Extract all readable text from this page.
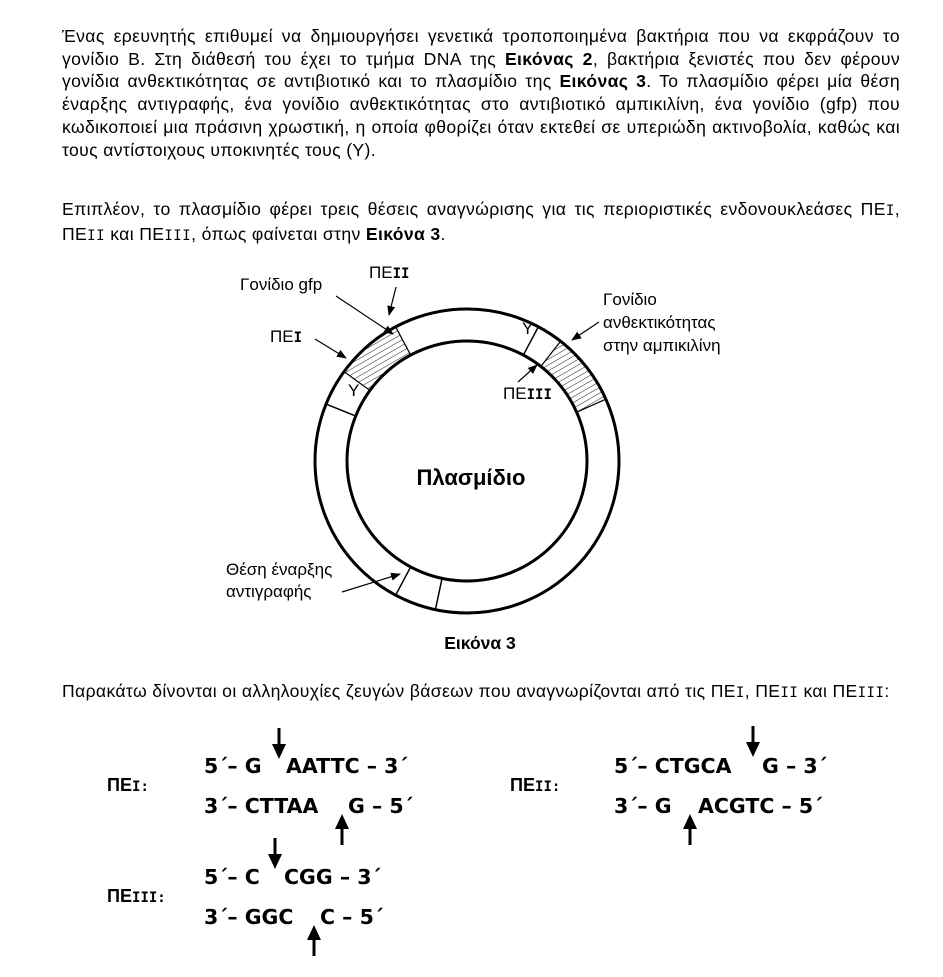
Ένας ερευνητής επιθυμεί να δημιουργήσει γενετικά τροποποιημένα βακτήρια που να εκφράζουν το γονίδιο Β. Στη διάθεσή του έχει το τμήμα DNA της Εικόνας 2, βακτήρια ξενιστές που δεν φέρουν γονίδια ανθεκτικότητας σε αντιβιοτικό και το πλασμίδιο της Εικόνας 3. Το πλασμίδιο φέρει μία θέση έναρξης αντιγραφής, ένα γονίδιο ανθεκτικότητας στο αντιβιοτικό αμπικιλίνη, ένα γονίδιο (gfp) που κωδικοποιεί μια πράσινη χρωστική, η οποία φθορίζει όταν εκτεθεί σε υπεριώδη ακτινοβολία, καθώς και τους αντίστοιχους υποκινητές τους (Y).
Επιπλέον, το πλασμίδιο φέρει τρεις θέσεις αναγνώρισης για τις περιοριστικές ενδονουκλεάσες ΠΕI, ΠΕII και ΠΕIII, όπως φαίνεται στην Εικόνα 3.
Παρακάτω δίνονται οι αλληλουχίες ζευγών βάσεων που αναγνωρίζονται από τις ΠΕI, ΠΕII και ΠΕIII:
Y
Y
Πλασμίδιο
Γονίδιο gfp
ΠΕII
ΠΕI
ΠΕIII
Γονίδιο
ανθεκτικότητας
στην αμπικιλίνη
Θέση έναρξης
αντιγραφής
Εικόνα 3
ΠΕI:
5΄– G AATTC – 3΄
3΄– CTTAA G – 5΄
ΠΕII:
5΄– CTGCA G – 3΄
3΄– G ACGTC – 5΄
ΠΕIII:
5΄– C CGG – 3΄
3΄– GGC C – 5΄
